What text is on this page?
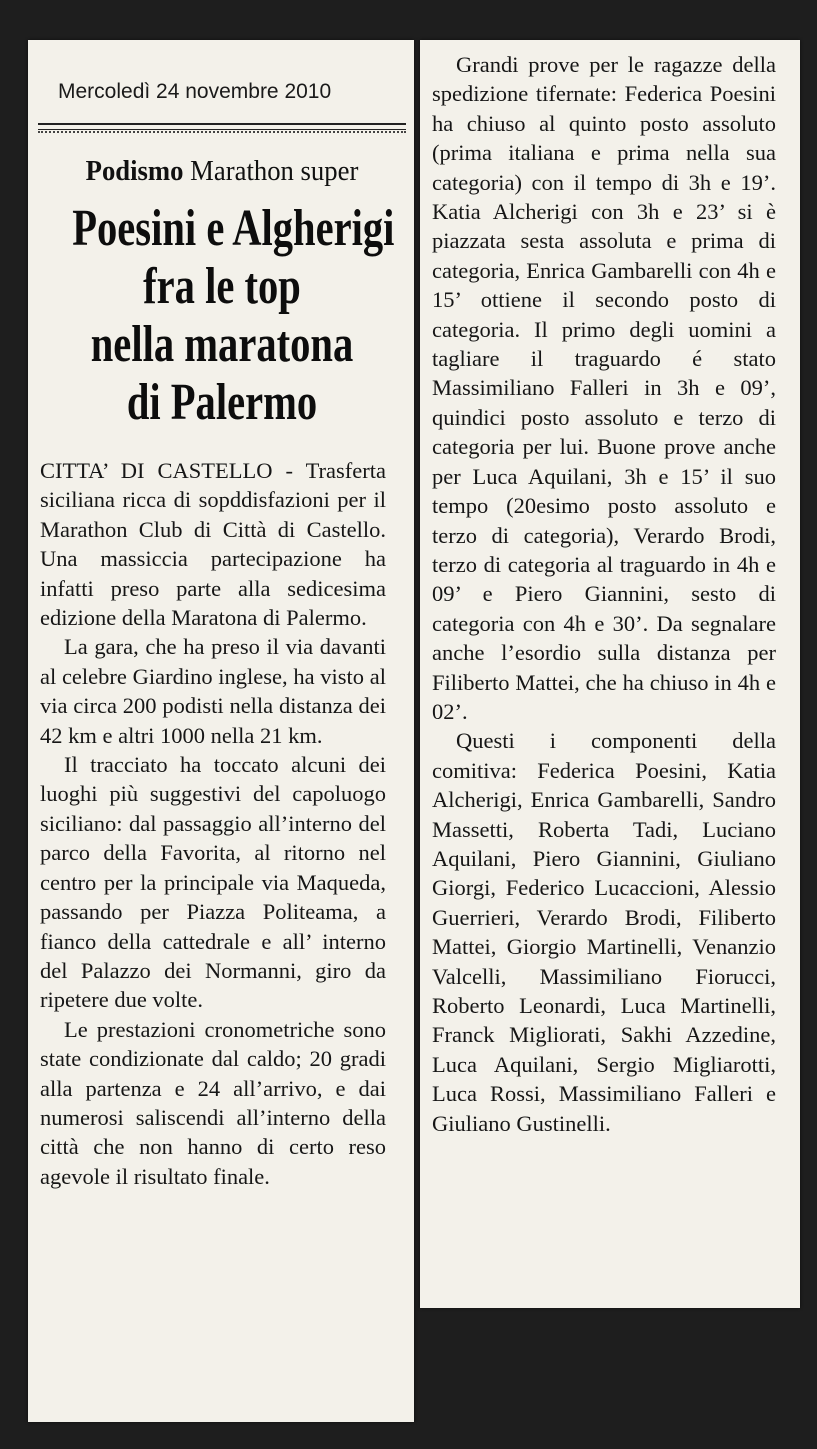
Mercoledì 24 novembre 2010
Podismo Marathon super
Poesini e Algherigi
fra le top
nella maratona
di Palermo

CITTA’ DI CASTELLO - Trasferta siciliana ricca di sopddisfazioni per il Marathon Club di Città di Castello. Una massiccia partecipazione ha infatti preso parte alla sedicesima edizione della Maratona di Palermo.

La gara, che ha preso il via davanti al celebre Giardino inglese, ha visto al via circa 200 podisti nella distanza dei 42 km e altri 1000 nella 21 km.

Il tracciato ha toccato alcuni dei luoghi più suggestivi del capoluogo siciliano: dal passaggio all’interno del parco della Favorita, al ritorno nel centro per la principale via Maqueda, passando per Piazza Politeama, a fianco della cattedrale e all’ interno del Palazzo dei Normanni, giro da ripetere due volte.

Le prestazioni cronometriche sono state condizionate dal caldo; 20 gradi alla partenza e 24 all’arrivo, e dai numerosi saliscendi all’interno della città che non hanno di certo reso agevole il risultato finale.

Grandi prove per le ragazze della spedizione tifernate: Federica Poesini ha chiuso al quinto posto assoluto (prima italiana e prima nella sua categoria) con il tempo di 3h e 19’. Katia Alcherigi con 3h e 23’ si è piazzata sesta assoluta e prima di categoria, Enrica Gambarelli con 4h e 15’ ottiene il secondo posto di categoria. Il primo degli uomini a tagliare il traguardo é stato Massimiliano Falleri in 3h e 09’, quindici posto assoluto e terzo di categoria per lui. Buone prove anche per Luca Aquilani, 3h e 15’ il suo tempo (20esimo posto assoluto e terzo di categoria), Verardo Brodi, terzo di categoria al traguardo in 4h e 09’ e Piero Giannini, sesto di categoria con 4h e 30’. Da segnalare anche l’esordio sulla distanza per Filiberto Mattei, che ha chiuso in 4h e 02’.

Questi i componenti della comitiva: Federica Poesini, Katia Alcherigi, Enrica Gambarelli, Sandro Massetti, Roberta Tadi, Luciano Aquilani, Piero Giannini, Giuliano Giorgi, Federico Lucaccioni, Alessio Guerrieri, Verardo Brodi, Filiberto Mattei, Giorgio Martinelli, Venanzio Valcelli, Massimiliano Fiorucci, Roberto Leonardi, Luca Martinelli, Franck Migliorati, Sakhi Azzedine, Luca Aquilani, Sergio Migliarotti, Luca Rossi, Massimiliano Falleri e Giuliano Gustinelli.
